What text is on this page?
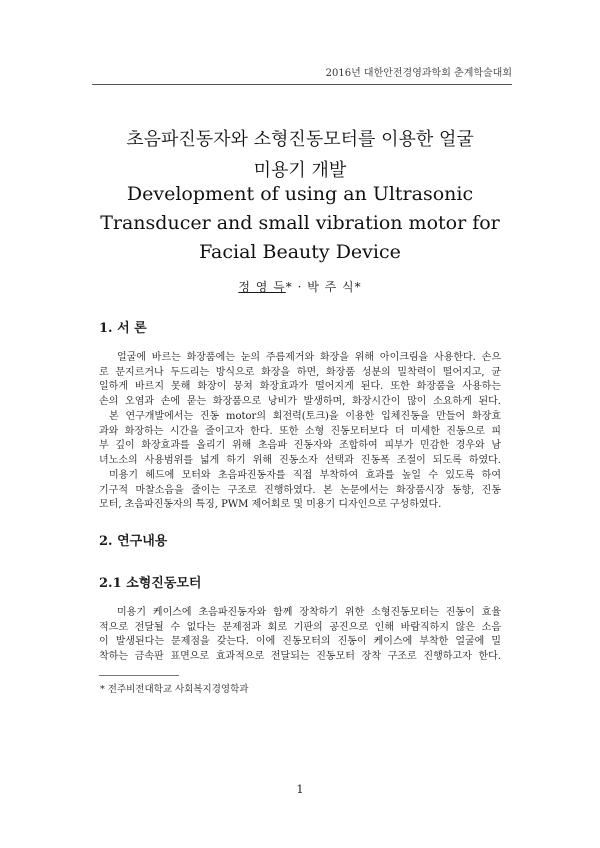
2016년 대한안전경영과학회 춘계학술대회
초음파진동자와 소형진동모터를 이용한 얼굴
미용기 개발
Development of using an Ultrasonic
Transducer and small vibration motor for
Facial Beauty Device
정 영 득* · 박 주 식*
1. 서 론
얼굴에 바르는 화장품에는 눈의 주름제거와 화장을 위해 아이크림을 사용한다. 손으
로 문지르거나 두드리는 방식으로 화장을 하면, 화장품 성분의 밀착력이 떨어지고, 균
일하게 바르지 못해 화장이 뭉쳐 화장효과가 떨어지게 된다. 또한 화장품을 사용하는
손의 오염과 손에 묻는 화장품으로 낭비가 발생하며, 화장시간이 많이 소요하게 된다.
본 연구개발에서는 진동 motor의 회전력(토크)을 이용한 입체진동을 만들어 화장효
과와 화장하는 시간을 줄이고자 한다. 또한 소형 진동모터보다 더 미세한 진동으로 피
부 깊이 화장효과를 올리기 위해 초음파 진동자와 조합하여 피부가 민감한 경우와 남
녀노소의 사용범위를 넓게 하기 위해 진동소자 선택과 진동폭 조절이 되도록 하였다.
미용기 헤드에 모터와 초음파진동자를 직접 부착하여 효과를 높일 수 있도록 하여
기구적 마찰소음을 줄이는 구조로 진행하였다. 본 논문에서는 화장품시장 동향, 진동
모터, 초음파진동자의 특징, PWM 제어회로 및 미용기 디자인으로 구성하였다.
2. 연구내용
2.1 소형진동모터
미용기 케이스에 초음파진동자와 함께 장착하기 위한 소형진동모터는 진동이 효율
적으로 전달될 수 없다는 문제점과 회로 기판의 공진으로 인해 바람직하지 않은 소음
이 발생된다는 문제점을 갖는다. 이에 진동모터의 진동이 케이스에 부착한 얼굴에 밀
착하는 금속판 표면으로 효과적으로 전달되는 진동모터 장착 구조로 진행하고자 한다.
* 전주비전대학교 사회복지경영학과
1
